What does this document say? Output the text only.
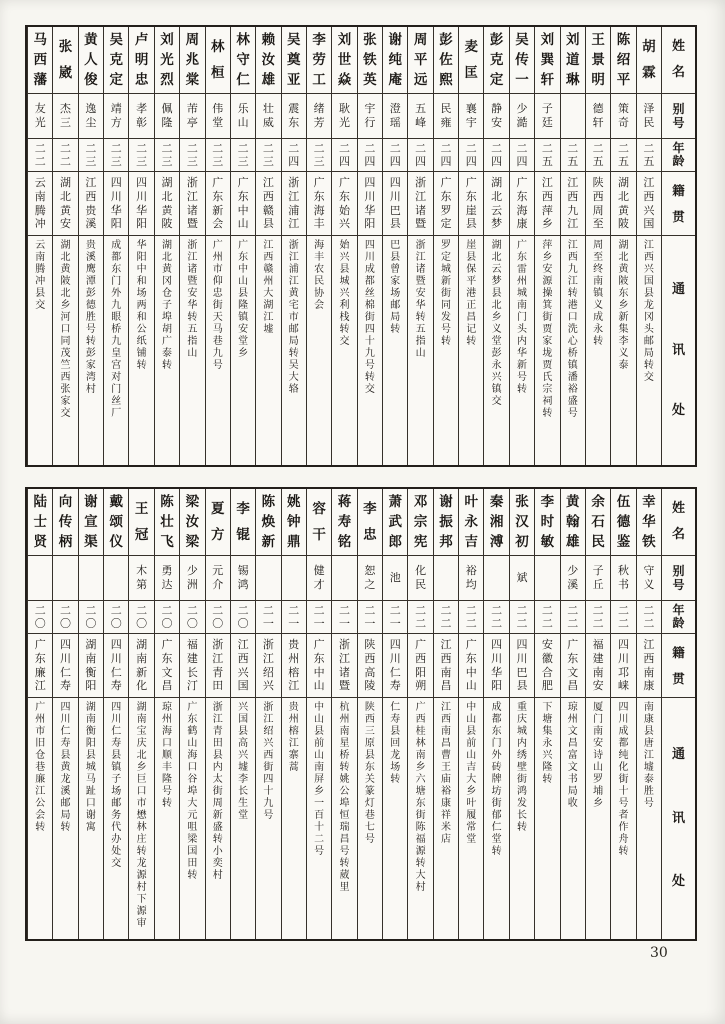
姓
名
别
号
年
龄
籍
贯
通
讯
处
胡
霖
泽
民
二
五
江
西
兴
国
江
西
兴
国
县
龙
冈
头
邮
局
转
交
陈
绍
平
策
奇
二
五
湖
北
黄
陂
湖
北
黄
陂
东
乡
新
集
李
义
泰
王
景
明
德
轩
二
五
陕
西
周
至
周
至
终
南
镇
义
成
永
转
刘
道
琳
二
五
江
西
九
江
江
西
九
江
转
港
口
洗
心
桥
镇
潘
裕
盛
号
刘
巽
轩
子
廷
二
五
江
西
萍
乡
萍
乡
安
源
操
箕
街
贾
家
垅
贾
氏
宗
祠
转
吴
传
一
少
澔
二
四
广
东
海
康
广
东
雷
州
城
南
门
头
内
华
新
号
转
彭
克
定
静
安
二
四
湖
北
云
梦
湖
北
云
梦
县
北
乡
义
堂
彭
永
兴
镇
交
麦
匡
襄
宇
二
四
广
东
崖
县
崖
县
保
平
港
正
昌
记
转
彭
佐
熙
民
雍
二
四
广
东
罗
定
罗
定
城
新
街
同
发
号
转
周
平
远
五
峰
二
四
浙
江
诸
暨
浙
江
诸
暨
安
华
转
五
指
山
谢
纯
庵
澄
瑶
二
四
四
川
巴
县
巴
县
曾
家
场
邮
局
转
张
铁
英
宇
行
二
四
四
川
华
阳
四
川
成
都
丝
棉
街
四
十
九
号
转
交
刘
世
焱
耿
光
二
四
广
东
始
兴
始
兴
县
城
兴
利
栈
转
交
李
劳
工
绪
芳
二
三
广
东
海
丰
海
丰
农
民
协
会
吴
奠
亚
震
东
二
四
浙
江
浦
江
浙
江
浦
江
黄
宅
市
邮
局
转
吴
大
辂
赖
汝
雄
壮
威
二
三
江
西
赣
县
江
西
赣
州
大
湖
江
墟
林
守
仁
乐
山
二
三
广
东
中
山
广
东
中
山
县
隆
镇
安
堂
乡
林
桓
伟
堂
二
三
广
东
新
会
广
州
市
仰
忠
街
天
马
巷
九
号
周
兆
棠
芾
亭
二
三
浙
江
诸
暨
浙
江
诸
暨
安
华
转
五
指
山
刘
光
烈
佩
隆
二
三
湖
北
黄
陂
湖
北
黄
冈
仓
子
埠
胡
广
泰
转
卢
明
忠
孝
彰
二
三
四
川
华
阳
华
阳
中
和
场
两
和
公
纸
铺
转
吴
克
定
靖
方
二
三
四
川
华
阳
成
都
东
门
外
九
眼
桥
九
皇
宫
对
门
丝
厂
黄
人
俊
逸
尘
二
三
江
西
贵
溪
贵
溪
鹰
潭
彭
德
胜
号
转
彭
家
湾
村
张
崴
杰
三
二
二
湖
北
黄
安
湖
北
黄
陂
北
乡
河
口
同
茂
竺
西
张
家
交
马
西
藩
友
光
二
二
云
南
腾
冲
云
南
腾
冲
县
交
姓
名
别
号
年
龄
籍
贯
通
讯
处
幸
华
铁
守
义
二
二
江
西
南
康
南
康
县
唐
江
墟
泰
胜
号
伍
德
鉴
秋
书
二
二
四
川
邛
崃
四
川
成
都
纯
化
街
十
号
者
作
舟
转
余
石
民
子
丘
二
二
福
建
南
安
厦
门
南
安
诗
山
罗
埔
乡
黄
翰
雄
少
溪
二
二
广
东
文
昌
琼
州
文
昌
富
文
书
局
收
李
时
敏
二
二
安
徽
合
肥
下
塘
集
永
兴
隆
转
张
汉
初
斌
二
二
四
川
巴
县
重
庆
城
内
绣
壁
街
鸿
发
长
转
秦
湘
溥
二
二
四
川
华
阳
成
都
东
门
外
砖
牌
坊
街
郁
仁
堂
转
叶
永
吉
裕
均
二
二
广
东
中
山
中
山
县
前
山
吉
大
乡
叶
履
常
堂
谢
振
邦
二
二
江
西
南
昌
江
西
南
昌
曹
王
庙
裕
康
祥
米
店
邓
宗
宪
化
民
二
二
广
西
阳
朔
广
西
桂
林
南
乡
六
塘
东
街
陈
福
源
转
大
村
萧
武
郎
池
二
一
四
川
仁
寿
仁
寿
县
回
龙
场
转
李
忠
恕
之
二
一
陕
西
高
陵
陕
西
三
原
县
东
关
篆
灯
巷
七
号
蒋
寿
铭
二
一
浙
江
诸
暨
杭
州
南
星
桥
转
姚
公
埠
恒
瑞
昌
号
转
葳
里
容
干
健
才
二
一
广
东
中
山
中
山
县
前
山
南
屏
乡
一
百
十
二
号
姚
钟
鼎
二
一
贵
州
榕
江
贵
州
榕
江
寨
蒿
陈
焕
新
二
一
浙
江
绍
兴
浙
江
绍
兴
西
街
四
十
九
号
李
锟
锡
鸿
二
〇
江
西
兴
国
兴
国
县
高
兴
墟
李
长
生
堂
夏
方
元
介
二
〇
浙
江
青
田
浙
江
青
田
县
内
太
街
周
新
盛
转
小
奕
村
梁
汝
梁
少
洲
二
〇
福
建
长
汀
广
东
鹤
山
海
口
谷
埠
大
元
咀
梁
国
田
转
陈
壮
飞
勇
达
二
〇
广
东
文
昌
琼
州
海
口
顺
丰
隆
号
转
王
冠
木
第
二
〇
湖
南
新
化
湖
南
宝
庆
北
乡
巨
口
市
懋
林
庄
转
龙
源
村
下
源
审
戴
颂
仪
二
〇
四
川
仁
寿
四
川
仁
寿
县
镇
子
场
邮
务
代
办
处
交
谢
宣
渠
二
〇
湖
南
衡
阳
湖
南
衡
阳
县
城
马
趾
口
谢
寓
向
传
柄
二
〇
四
川
仁
寿
四
川
仁
寿
县
黄
龙
溪
邮
局
转
陆
士
贤
二
〇
广
东
廉
江
广
州
市
旧
仓
巷
廉
江
公
会
转
30
